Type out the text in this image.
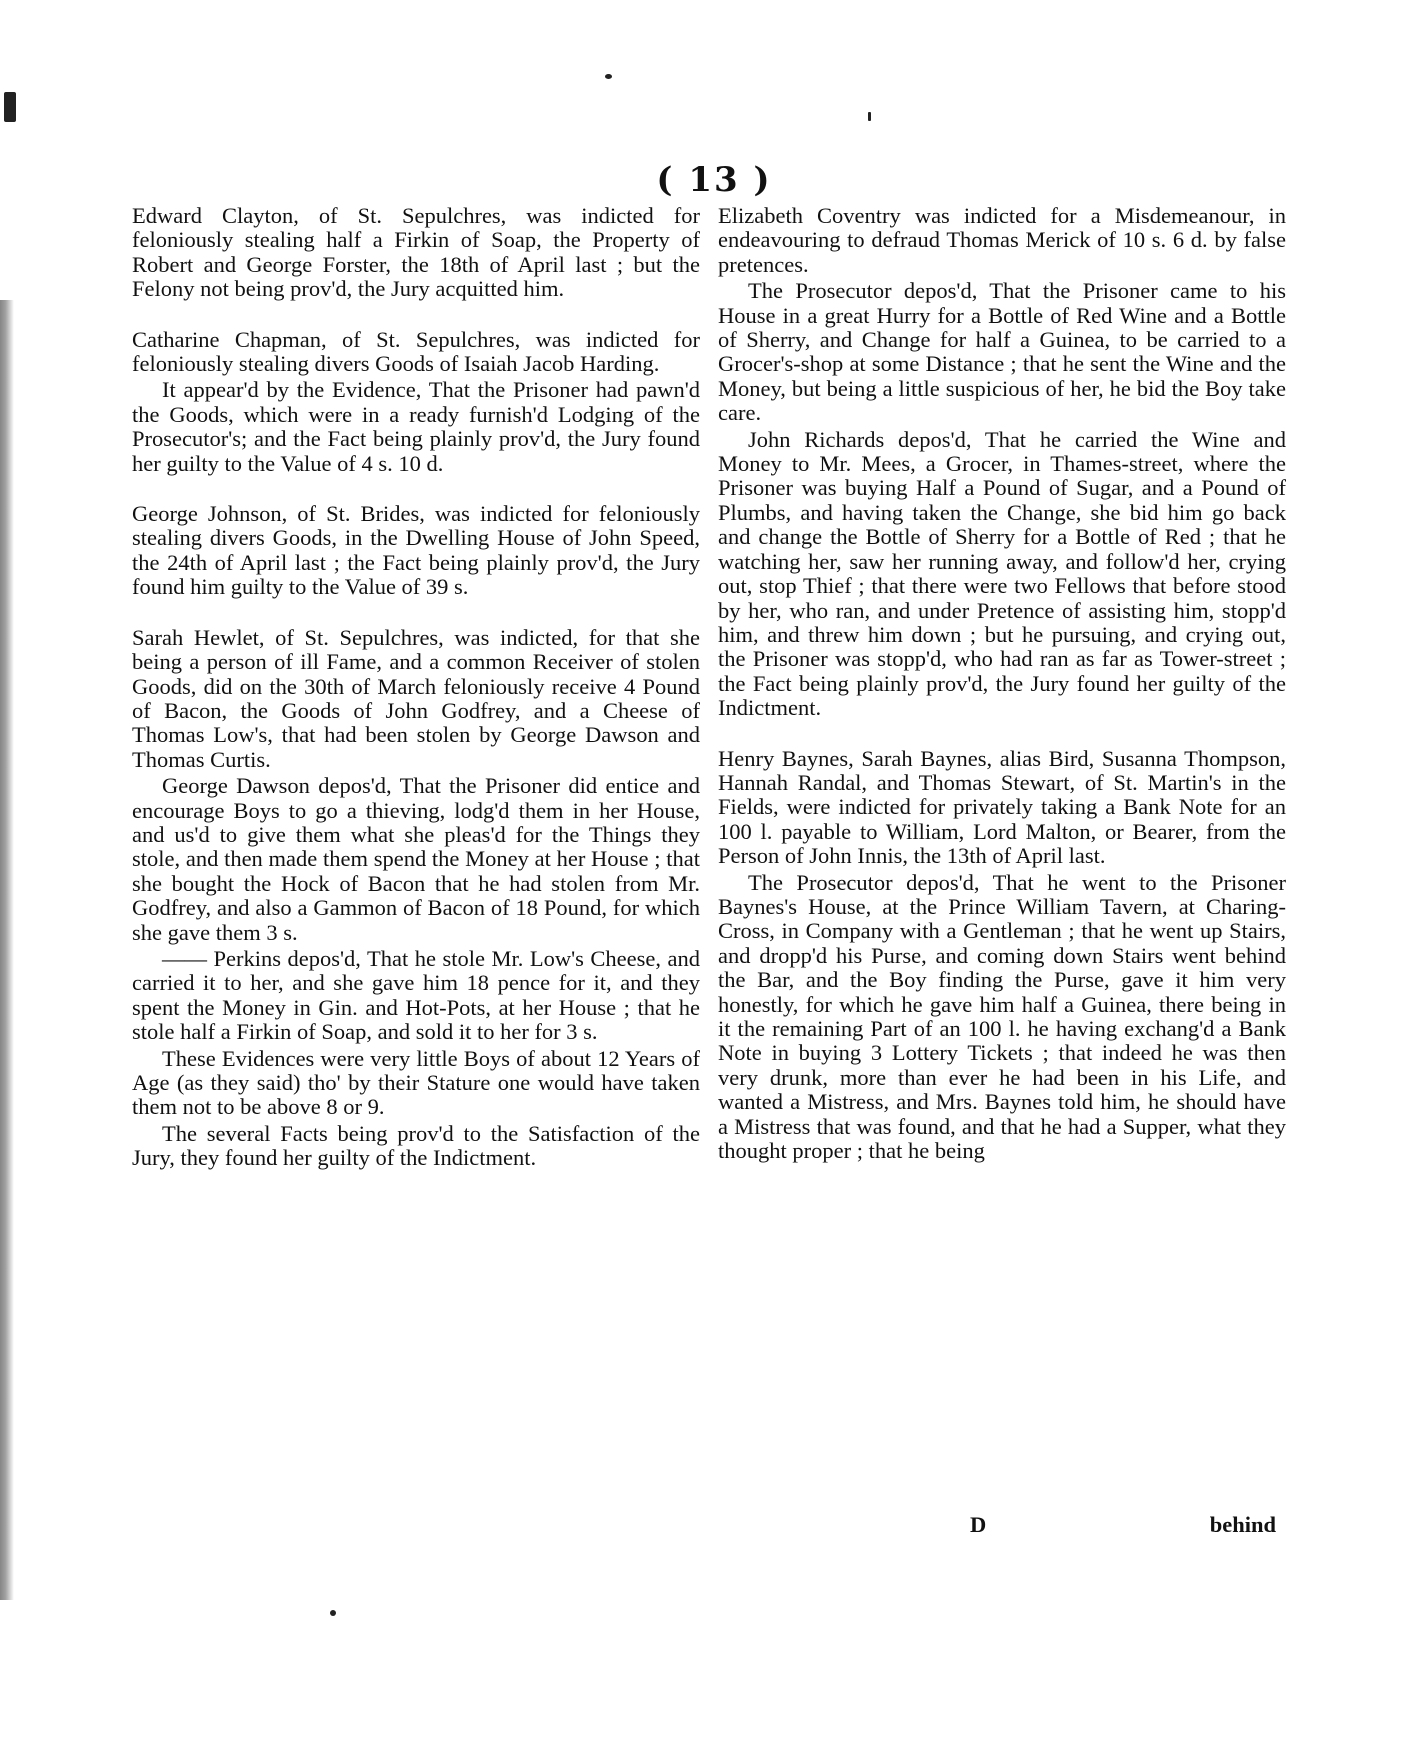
( 13 )

Edward Clayton, of St. Sepulchres, was indicted for feloniously stealing half a Firkin of Soap, the Property of Robert and George Forster, the 18th of April last ; but the Felony not being prov'd, the Jury acquitted him.

Catharine Chapman, of St. Sepulchres, was indicted for feloniously stealing divers Goods of Isaiah Jacob Harding.

It appear'd by the Evidence, That the Prisoner had pawn'd the Goods, which were in a ready furnish'd Lodging of the Prosecutor's; and the Fact being plainly prov'd, the Jury found her guilty to the Value of 4 s. 10 d.

George Johnson, of St. Brides, was indicted for feloniously stealing divers Goods, in the Dwelling House of John Speed, the 24th of April last ; the Fact being plainly prov'd, the Jury found him guilty to the Value of 39 s.

Sarah Hewlet, of St. Sepulchres, was indicted, for that she being a person of ill Fame, and a common Receiver of stolen Goods, did on the 30th of March feloniously receive 4 Pound of Bacon, the Goods of John Godfrey, and a Cheese of Thomas Low's, that had been stolen by George Dawson and Thomas Curtis.

George Dawson depos'd, That the Prisoner did entice and encourage Boys to go a thieving, lodg'd them in her House, and us'd to give them what she pleas'd for the Things they stole, and then made them spend the Money at her House ; that she bought the Hock of Bacon that he had stolen from Mr. Godfrey, and also a Gammon of Bacon of 18 Pound, for which she gave them 3 s.

—— Perkins depos'd, That he stole Mr. Low's Cheese, and carried it to her, and she gave him 18 pence for it, and they spent the Money in Gin. and Hot-Pots, at her House ; that he stole half a Firkin of Soap, and sold it to her for 3 s.

These Evidences were very little Boys of about 12 Years of Age (as they said) tho' by their Stature one would have taken them not to be above 8 or 9.

The several Facts being prov'd to the Satisfaction of the Jury, they found her guilty of the Indictment.

Elizabeth Coventry was indicted for a Misdemeanour, in endeavouring to defraud Thomas Merick of 10 s. 6 d. by false pretences.

The Prosecutor depos'd, That the Prisoner came to his House in a great Hurry for a Bottle of Red Wine and a Bottle of Sherry, and Change for half a Guinea, to be carried to a Grocer's-shop at some Distance ; that he sent the Wine and the Money, but being a little suspicious of her, he bid the Boy take care.

John Richards depos'd, That he carried the Wine and Money to Mr. Mees, a Grocer, in Thames-street, where the Prisoner was buying Half a Pound of Sugar, and a Pound of Plumbs, and having taken the Change, she bid him go back and change the Bottle of Sherry for a Bottle of Red ; that he watching her, saw her running away, and follow'd her, crying out, stop Thief ; that there were two Fellows that before stood by her, who ran, and under Pretence of assisting him, stopp'd him, and threw him down ; but he pursuing, and crying out, the Prisoner was stopp'd, who had ran as far as Tower-street ; the Fact being plainly prov'd, the Jury found her guilty of the Indictment.

Henry Baynes, Sarah Baynes, alias Bird, Susanna Thompson, Hannah Randal, and Thomas Stewart, of St. Martin's in the Fields, were indicted for privately taking a Bank Note for an 100 l. payable to William, Lord Malton, or Bearer, from the Person of John Innis, the 13th of April last.

The Prosecutor depos'd, That he went to the Prisoner Baynes's House, at the Prince William Tavern, at Charing-Cross, in Company with a Gentleman ; that he went up Stairs, and dropp'd his Purse, and coming down Stairs went behind the Bar, and the Boy finding the Purse, gave it him very honestly, for which he gave him half a Guinea, there being in it the remaining Part of an 100 l. he having exchang'd a Bank Note in buying 3 Lottery Tickets ; that indeed he was then very drunk, more than ever he had been in his Life, and wanted a Mistress, and Mrs. Baynes told him, he should have a Mistress that was found, and that he had a Supper, what they thought proper ; that he being

D	behind
